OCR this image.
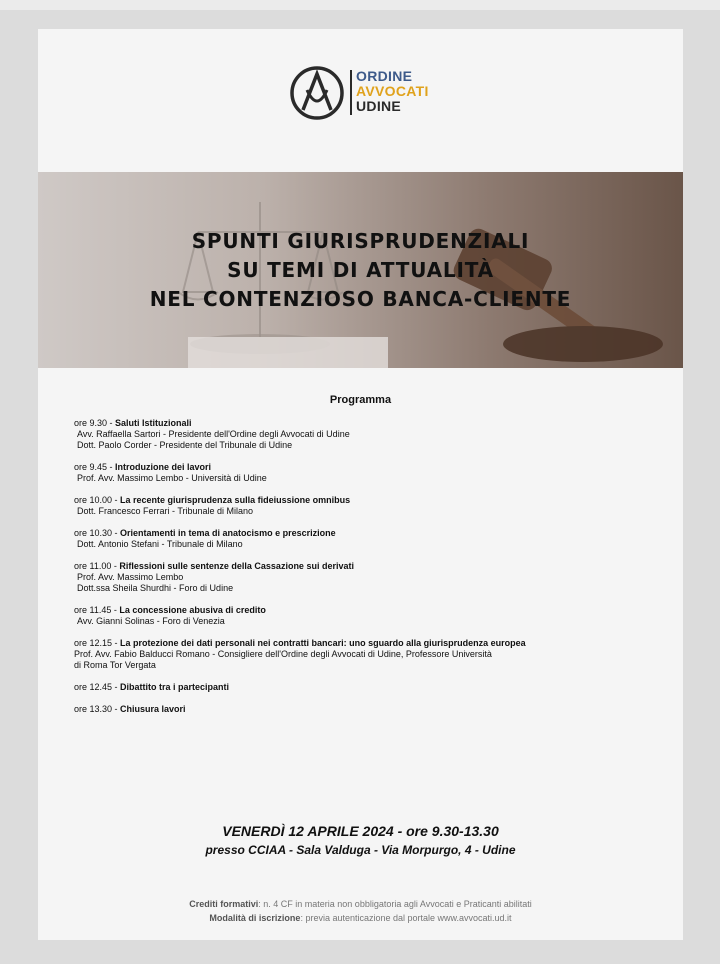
ORDINE
AVVOCATI
UDINE
SPUNTI GIURISPRUDENZIALI
SU TEMI DI ATTUALITÀ
NEL CONTENZIOSO BANCA-CLIENTE
Programma
ore 9.30 - Saluti Istituzionali
Avv. Raffaella Sartori - Presidente dell'Ordine degli Avvocati di Udine
Dott. Paolo Corder - Presidente del Tribunale di Udine
ore 9.45 - Introduzione dei lavori
Prof. Avv. Massimo Lembo - Università di Udine
ore 10.00 - La recente giurisprudenza sulla fideiussione omnibus
Dott. Francesco Ferrari - Tribunale di Milano
ore 10.30 - Orientamenti in tema di anatocismo e prescrizione
Dott. Antonio Stefani - Tribunale di Milano
ore 11.00 - Riflessioni sulle sentenze della Cassazione sui derivati
Prof. Avv. Massimo Lembo
Dott.ssa Sheila Shurdhi - Foro di Udine
ore 11.45 - La concessione abusiva di credito
Avv. Gianni Solinas - Foro di Venezia
ore 12.15 - La protezione dei dati personali nei contratti bancari: uno sguardo alla giurisprudenza europea
Prof. Avv. Fabio Balducci Romano - Consigliere dell'Ordine degli Avvocati di Udine, Professore Università
di Roma Tor Vergata
ore 12.45 - Dibattito tra i partecipanti
ore 13.30 - Chiusura lavori
VENERDÌ 12 APRILE 2024 - ore 9.30-13.30
presso CCIAA - Sala Valduga - Via Morpurgo, 4 - Udine
Crediti formativi: n. 4 CF in materia non obbligatoria agli Avvocati e Praticanti abilitati
Modalità di iscrizione: previa autenticazione dal portale www.avvocati.ud.it
